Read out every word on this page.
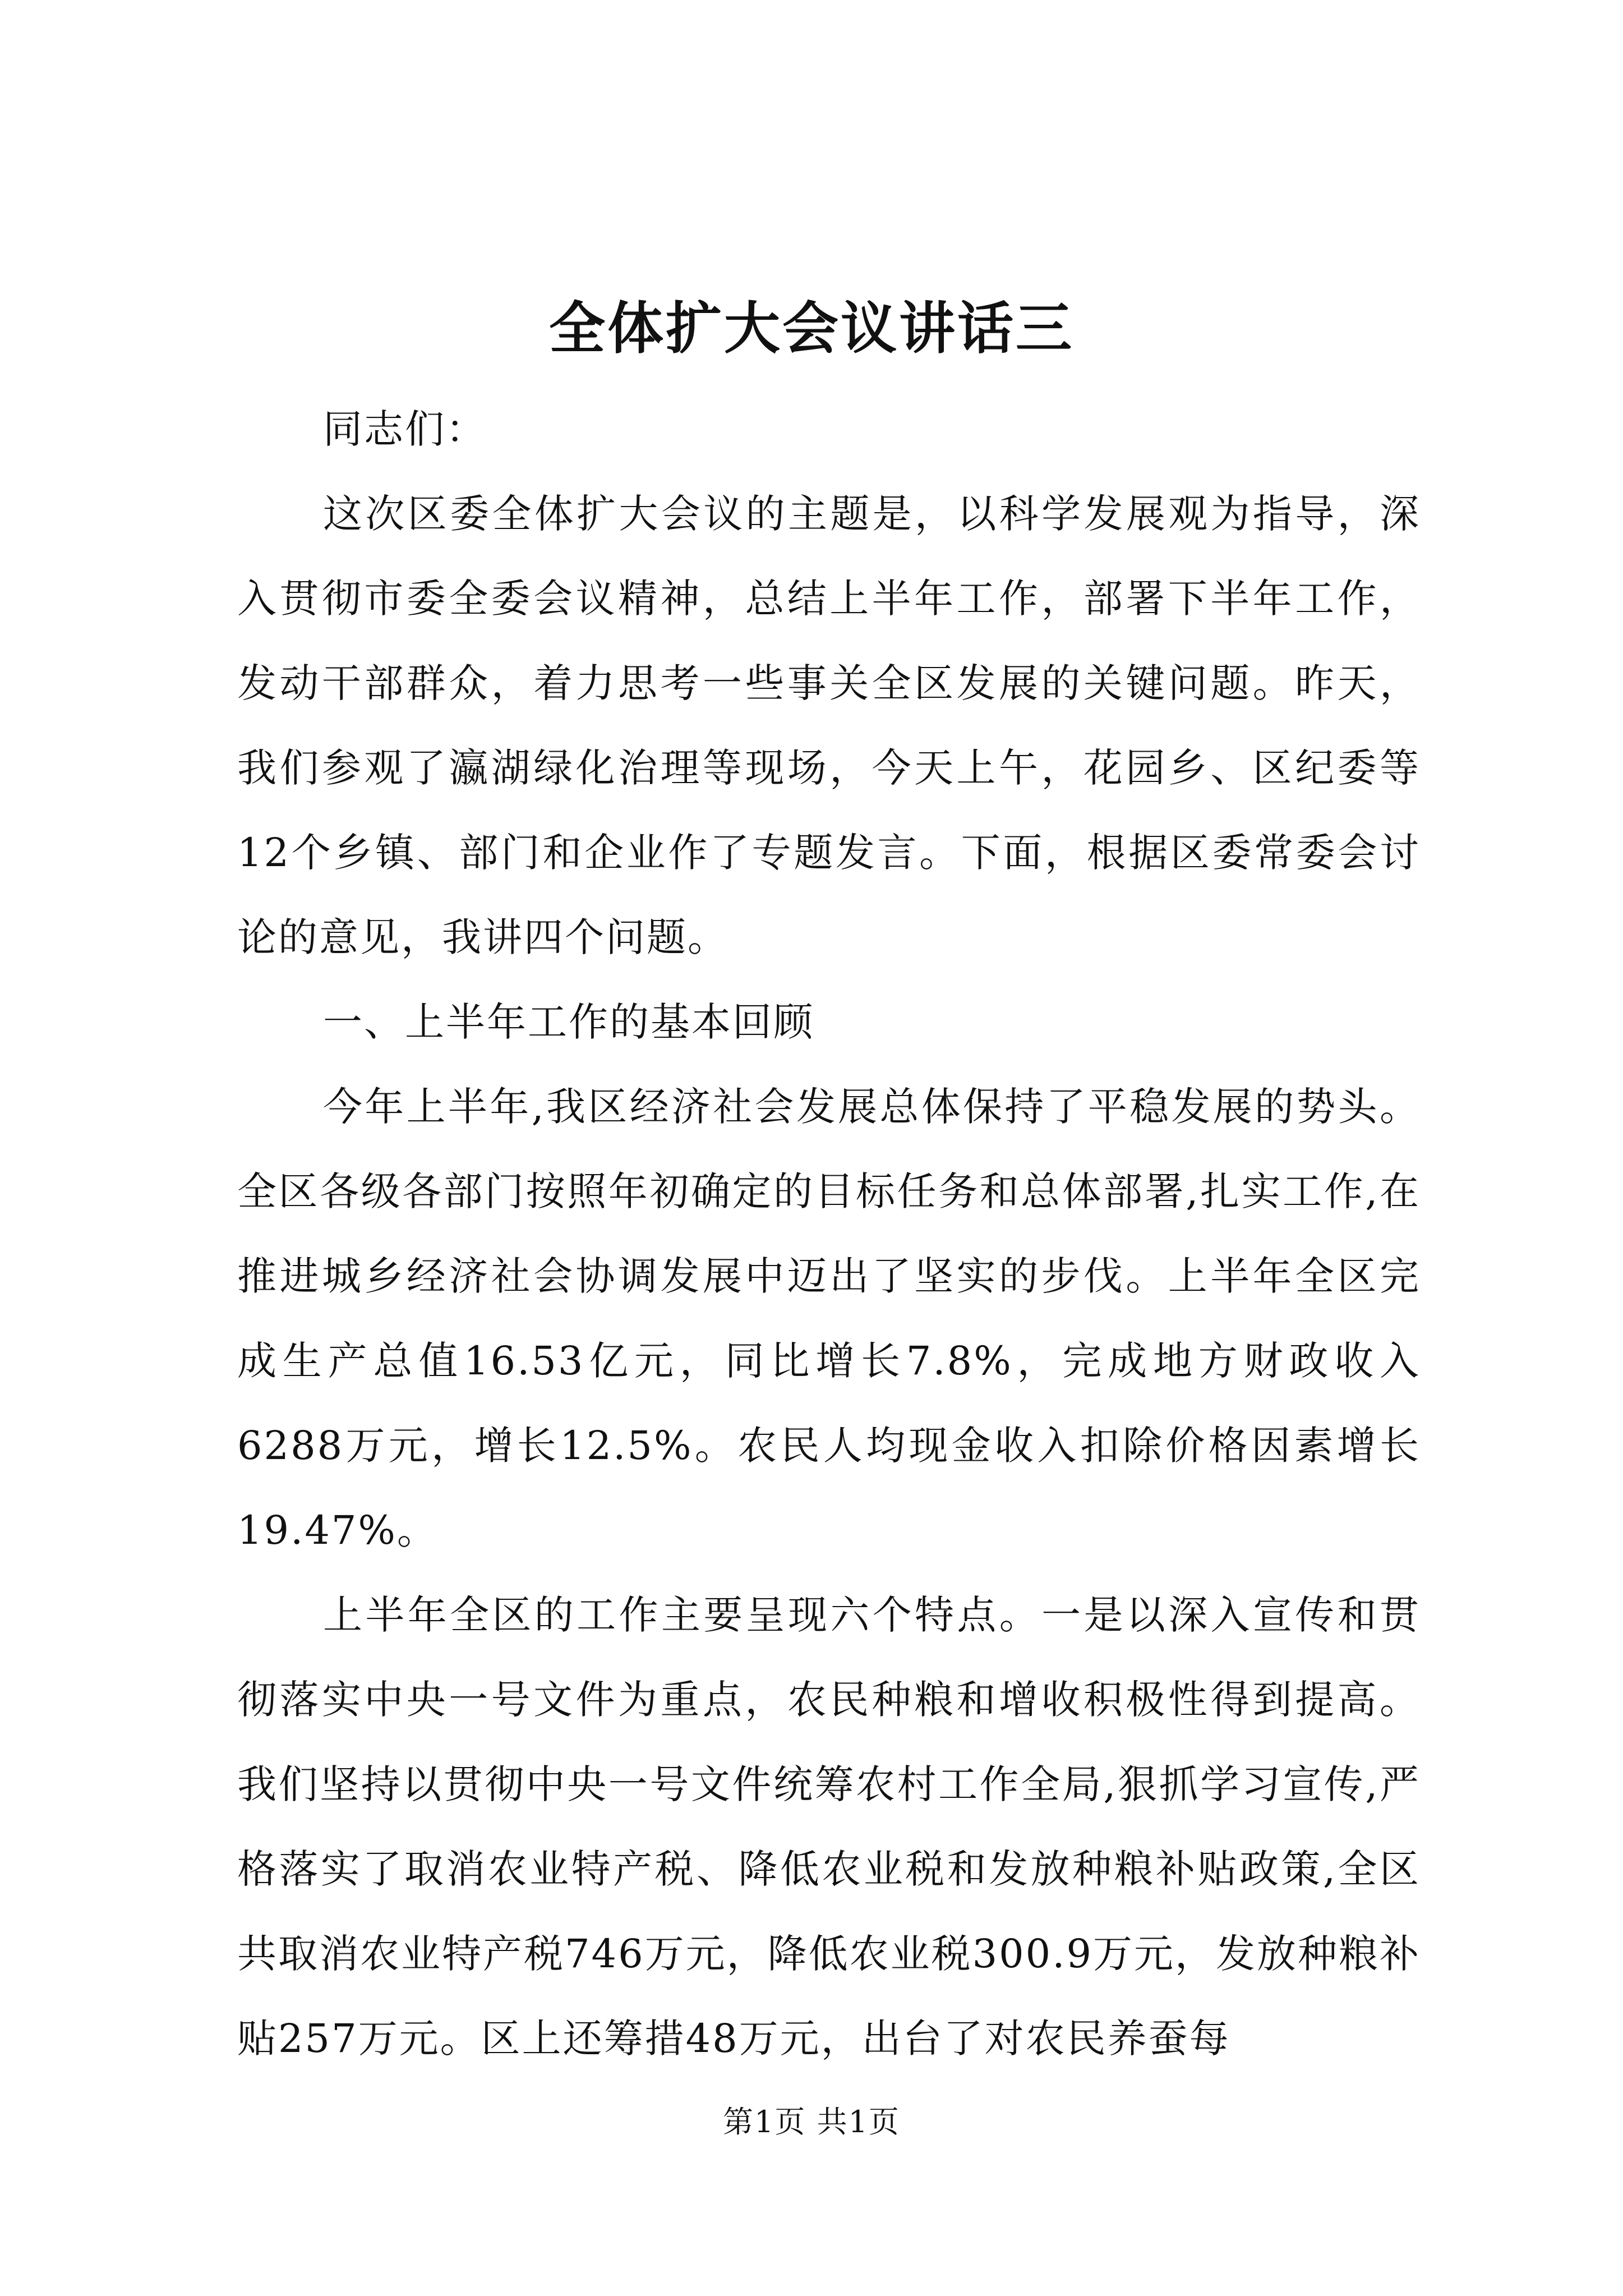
全体扩大会议讲话三

同志们：

这次区委全体扩大会议的主题是，以科学发展观为指导，深入贯彻市委全委会议精神，总结上半年工作，部署下半年工作，发动干部群众，着力思考一些事关全区发展的关键问题。昨天，我们参观了瀛湖绿化治理等现场，今天上午，花园乡、区纪委等12个乡镇、部门和企业作了专题发言。下面，根据区委常委会讨论的意见，我讲四个问题。

一、上半年工作的基本回顾

今年上半年,我区经济社会发展总体保持了平稳发展的势头。全区各级各部门按照年初确定的目标任务和总体部署,扎实工作,在推进城乡经济社会协调发展中迈出了坚实的步伐。上半年全区完成生产总值16.53亿元，同比增长7.8%，完成地方财政收入6288万元，增长12.5%。农民人均现金收入扣除价格因素增长19.47%。

上半年全区的工作主要呈现六个特点。一是以深入宣传和贯彻落实中央一号文件为重点，农民种粮和增收积极性得到提高。我们坚持以贯彻中央一号文件统筹农村工作全局,狠抓学习宣传,严格落实了取消农业特产税、降低农业税和发放种粮补贴政策,全区共取消农业特产税746万元，降低农业税300.9万元，发放种粮补贴257万元。区上还筹措48万元，出台了对农民养蚕每

第1页 共1页
